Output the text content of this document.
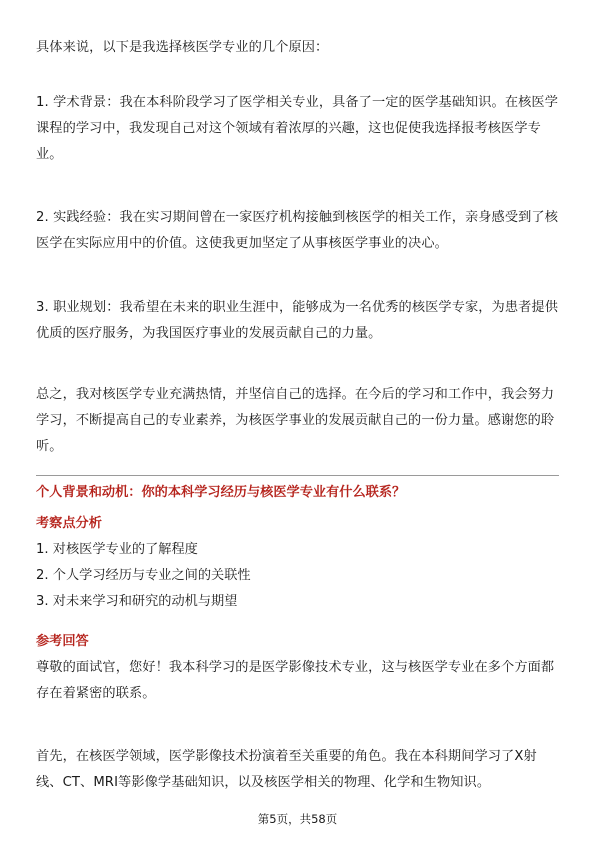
具体来说，以下是我选择核医学专业的几个原因：

1. 学术背景：我在本科阶段学习了医学相关专业，具备了一定的医学基础知识。在核医学课程的学习中，我发现自己对这个领域有着浓厚的兴趣，这也促使我选择报考核医学专业。

2. 实践经验：我在实习期间曾在一家医疗机构接触到核医学的相关工作，亲身感受到了核医学在实际应用中的价值。这使我更加坚定了从事核医学事业的决心。

3. 职业规划：我希望在未来的职业生涯中，能够成为一名优秀的核医学专家，为患者提供优质的医疗服务，为我国医疗事业的发展贡献自己的力量。

总之，我对核医学专业充满热情，并坚信自己的选择。在今后的学习和工作中，我会努力学习，不断提高自己的专业素养，为核医学事业的发展贡献自己的一份力量。感谢您的聆听。

个人背景和动机：你的本科学习经历与核医学专业有什么联系？

考察点分析

1. 对核医学专业的了解程度
2. 个人学习经历与专业之间的关联性
3. 对未来学习和研究的动机与期望

参考回答

尊敬的面试官，您好！我本科学习的是医学影像技术专业，这与核医学专业在多个方面都存在着紧密的联系。

首先，在核医学领域，医学影像技术扮演着至关重要的角色。我在本科期间学习了X射线、CT、MRI等影像学基础知识，以及核医学相关的物理、化学和生物知识。

第5页，共58页
